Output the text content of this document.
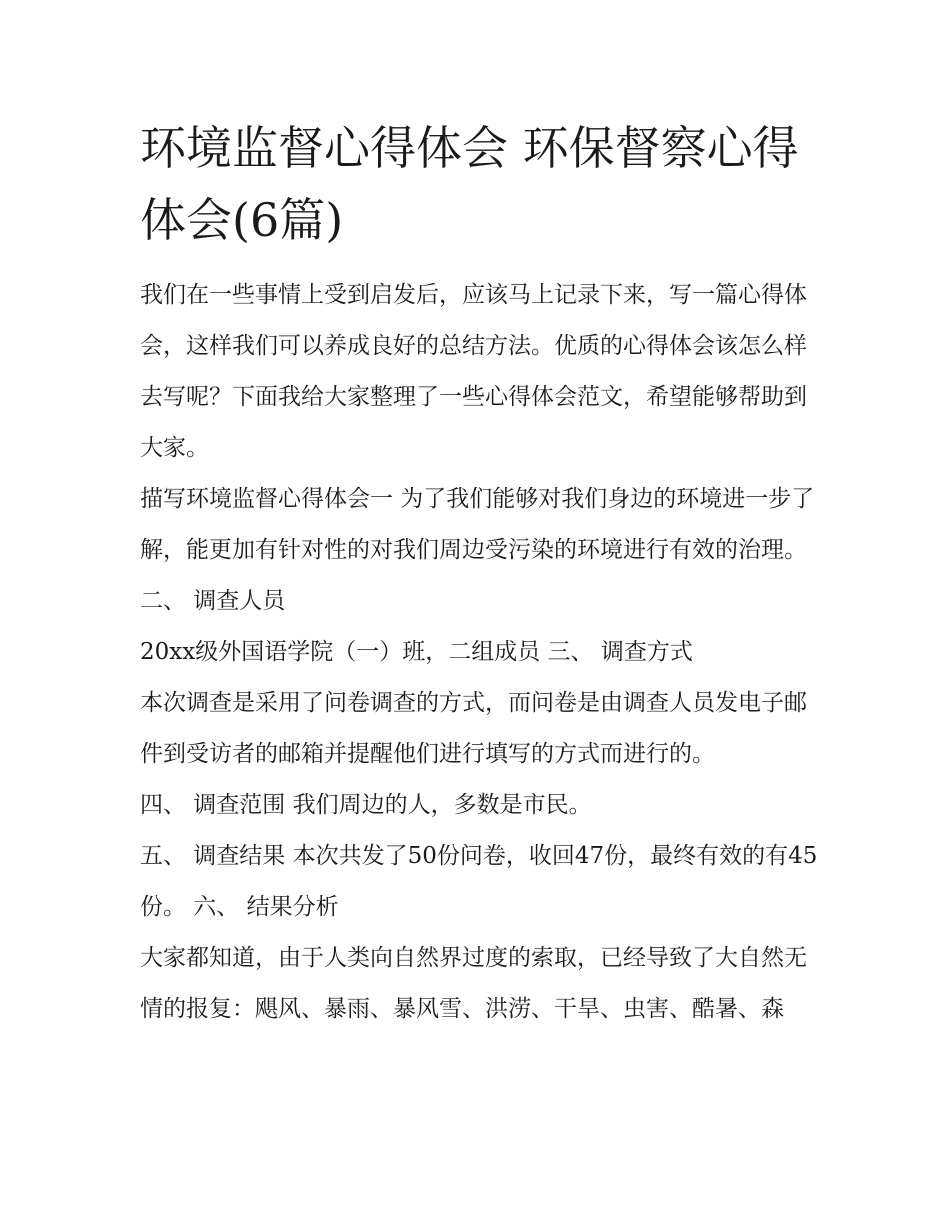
环境监督心得体会 环保督察心得体会(6篇)

我们在一些事情上受到启发后，应该马上记录下来，写一篇心得体会，这样我们可以养成良好的总结方法。优质的心得体会该怎么样去写呢？下面我给大家整理了一些心得体会范文，希望能够帮助到大家。

描写环境监督心得体会一 为了我们能够对我们身边的环境进一步了解，能更加有针对性的对我们周边受污染的环境进行有效的治理。 二、 调查人员

20xx级外国语学院（一）班，二组成员 三、 调查方式

本次调查是采用了问卷调查的方式，而问卷是由调查人员发电子邮件到受访者的邮箱并提醒他们进行填写的方式而进行的。

四、 调查范围 我们周边的人，多数是市民。

五、 调查结果 本次共发了50份问卷，收回47份，最终有效的有45份。 六、 结果分析

大家都知道，由于人类向自然界过度的索取，已经导致了大自然无情的报复：飓风、暴雨、暴风雪、洪涝、干旱、虫害、酷暑、森
